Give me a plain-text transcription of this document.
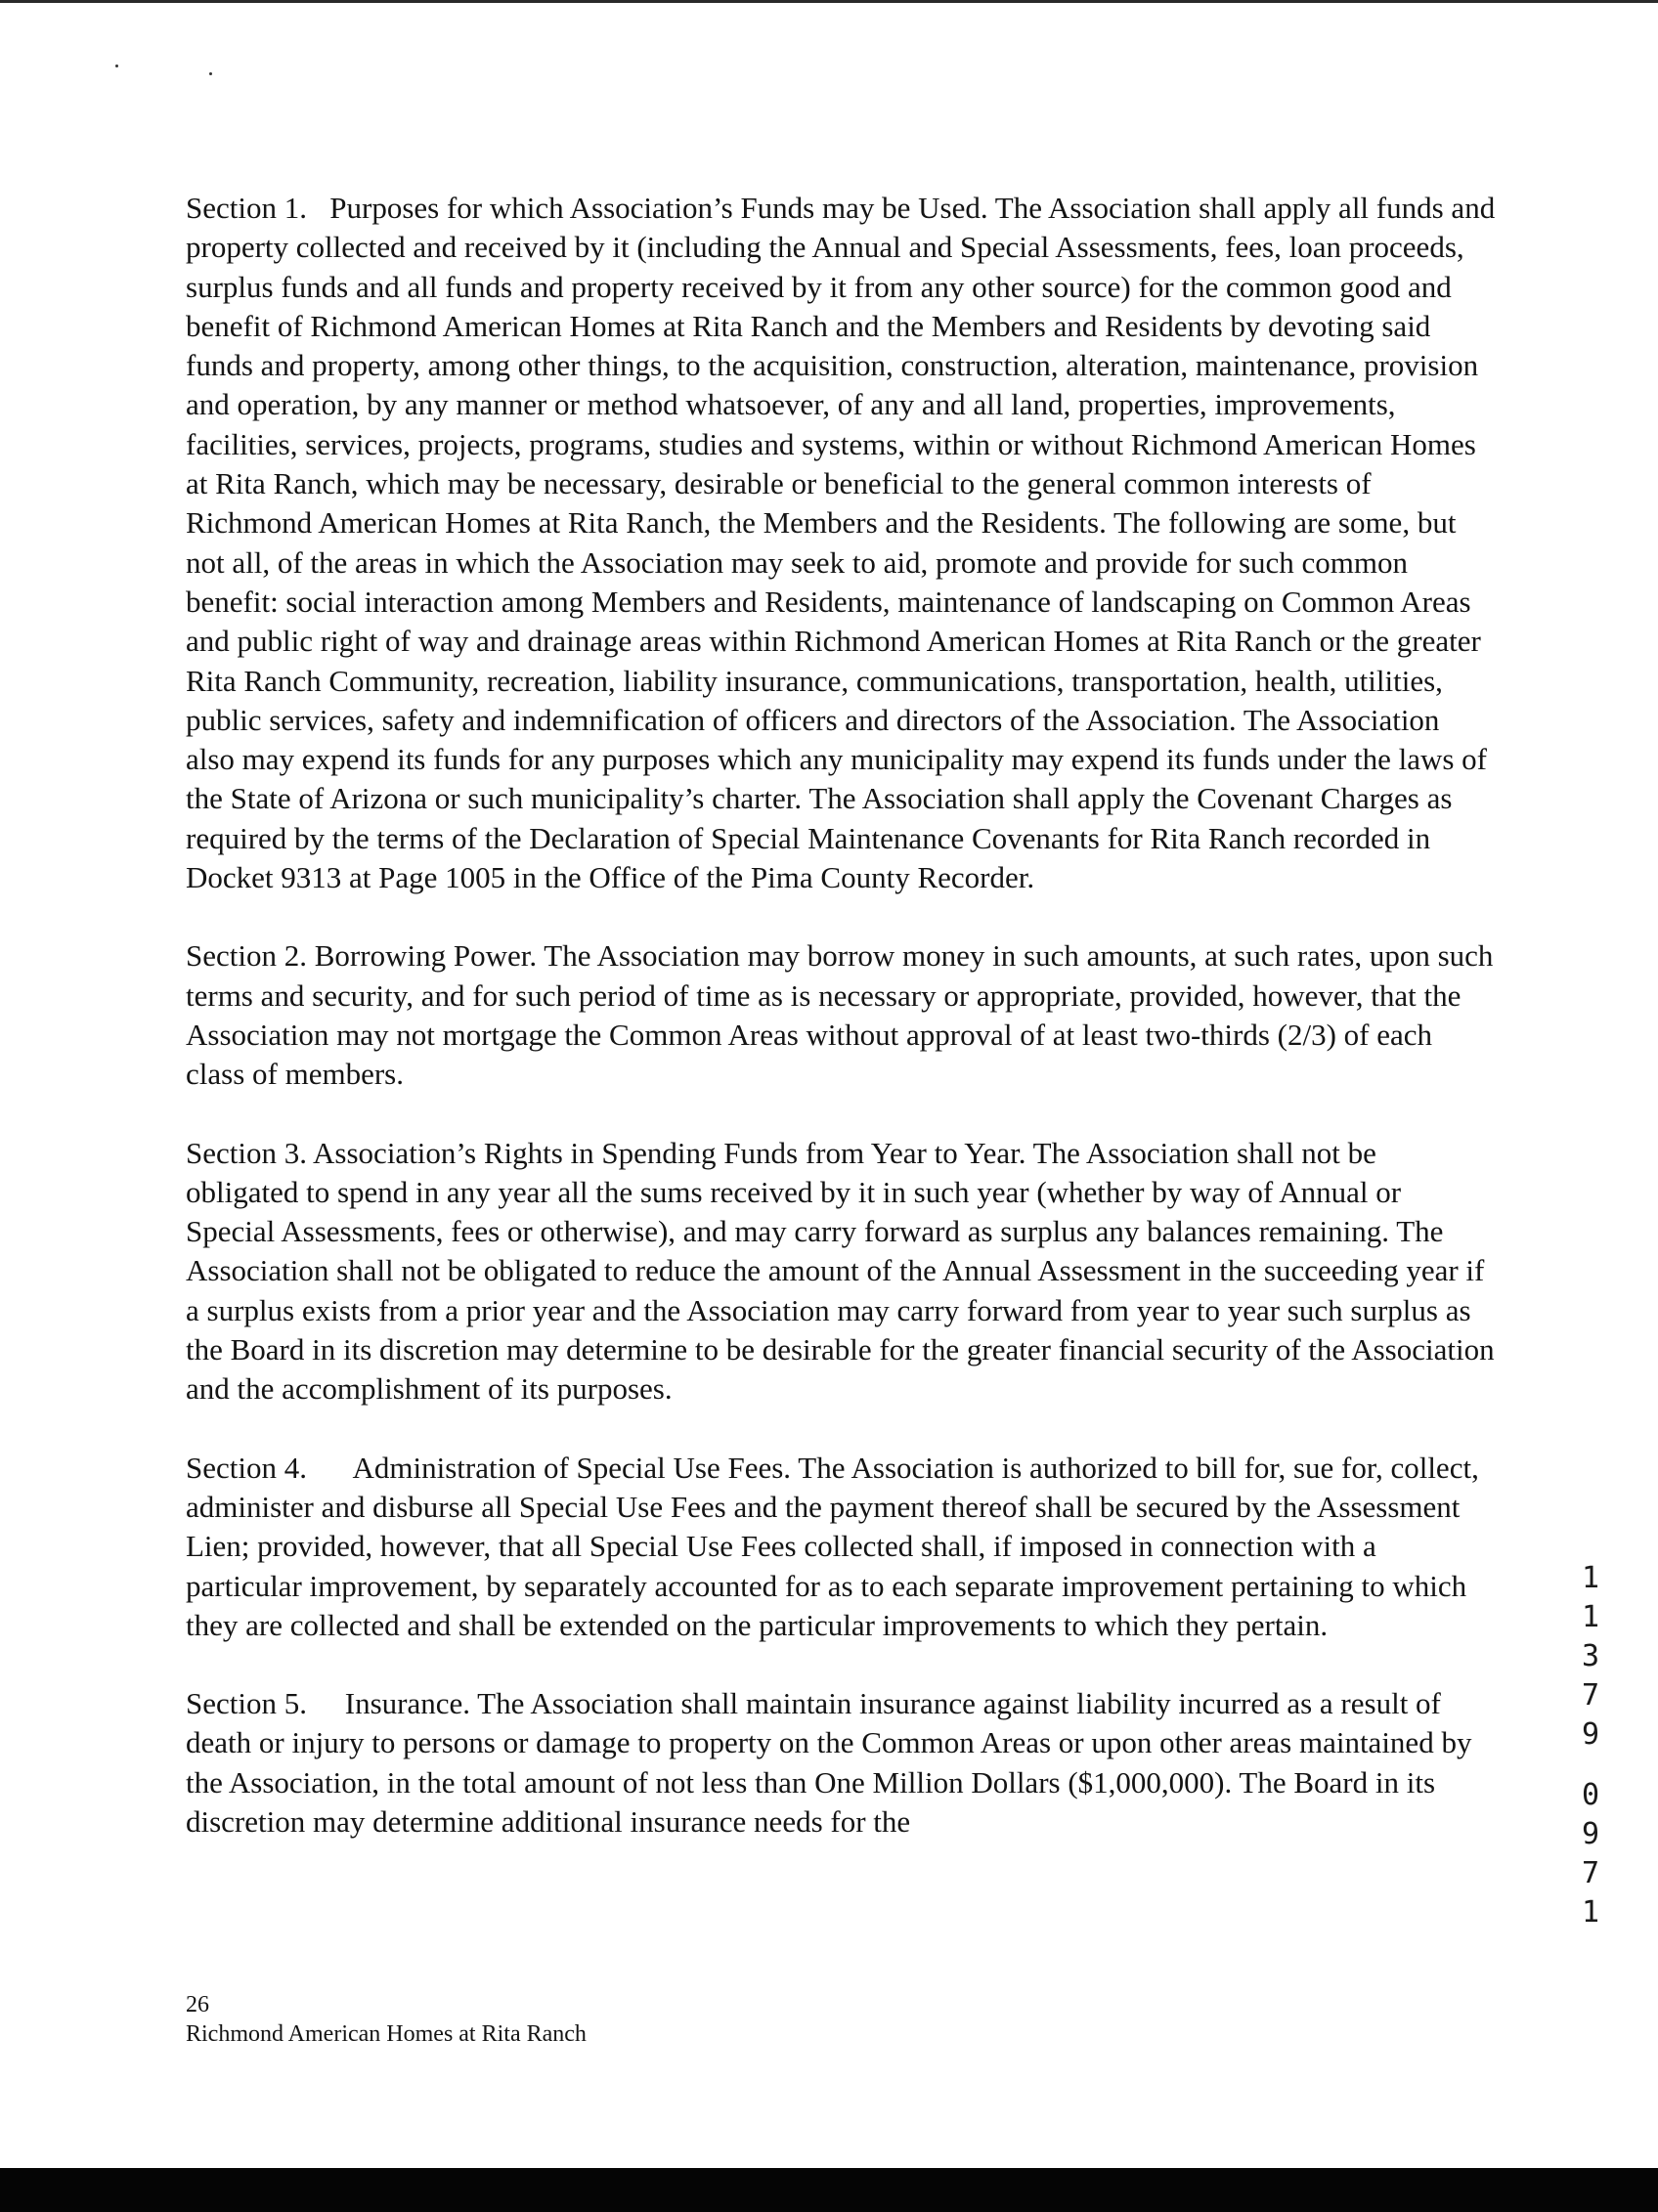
Section 1. Purposes for which Association’s Funds may be Used. The Association shall apply all funds and property collected and received by it (including the Annual and Special Assessments, fees, loan proceeds, surplus funds and all funds and property received by it from any other source) for the common good and benefit of Richmond American Homes at Rita Ranch and the Members and Residents by devoting said funds and property, among other things, to the acquisition, construction, alteration, maintenance, provision and operation, by any manner or method whatsoever, of any and all land, properties, improvements, facilities, services, projects, programs, studies and systems, within or without Richmond American Homes at Rita Ranch, which may be necessary, desirable or beneficial to the general common interests of Richmond American Homes at Rita Ranch, the Members and the Residents. The following are some, but not all, of the areas in which the Association may seek to aid, promote and provide for such common benefit: social interaction among Members and Residents, maintenance of landscaping on Common Areas and public right of way and drainage areas within Richmond American Homes at Rita Ranch or the greater Rita Ranch Community, recreation, liability insurance, communications, transportation, health, utilities, public services, safety and indemnification of officers and directors of the Association. The Association also may expend its funds for any purposes which any municipality may expend its funds under the laws of the State of Arizona or such municipality’s charter. The Association shall apply the Covenant Charges as required by the terms of the Declaration of Special Maintenance Covenants for Rita Ranch recorded in Docket 9313 at Page 1005 in the Office of the Pima County Recorder.

Section 2. Borrowing Power. The Association may borrow money in such amounts, at such rates, upon such terms and security, and for such period of time as is necessary or appropriate, provided, however, that the Association may not mortgage the Common Areas without approval of at least two-thirds (2/3) of each class of members.

Section 3. Association’s Rights in Spending Funds from Year to Year. The Association shall not be obligated to spend in any year all the sums received by it in such year (whether by way of Annual or Special Assessments, fees or otherwise), and may carry forward as surplus any balances remaining. The Association shall not be obligated to reduce the amount of the Annual Assessment in the succeeding year if a surplus exists from a prior year and the Association may carry forward from year to year such surplus as the Board in its discretion may determine to be desirable for the greater financial security of the Association and the accomplishment of its purposes.

Section 4. Administration of Special Use Fees. The Association is authorized to bill for, sue for, collect, administer and disburse all Special Use Fees and the payment thereof shall be secured by the Assessment Lien; provided, however, that all Special Use Fees collected shall, if imposed in connection with a particular improvement, by separately accounted for as to each separate improvement pertaining to which they are collected and shall be extended on the particular improvements to which they pertain.

Section 5. Insurance. The Association shall maintain insurance against liability incurred as a result of death or injury to persons or damage to property on the Common Areas or upon other areas maintained by the Association, in the total amount of not less than One Million Dollars ($1,000,000). The Board in its discretion may determine additional insurance needs for the

1
1
3
7
9
0
9
7
1
26
Richmond American Homes at Rita Ranch
